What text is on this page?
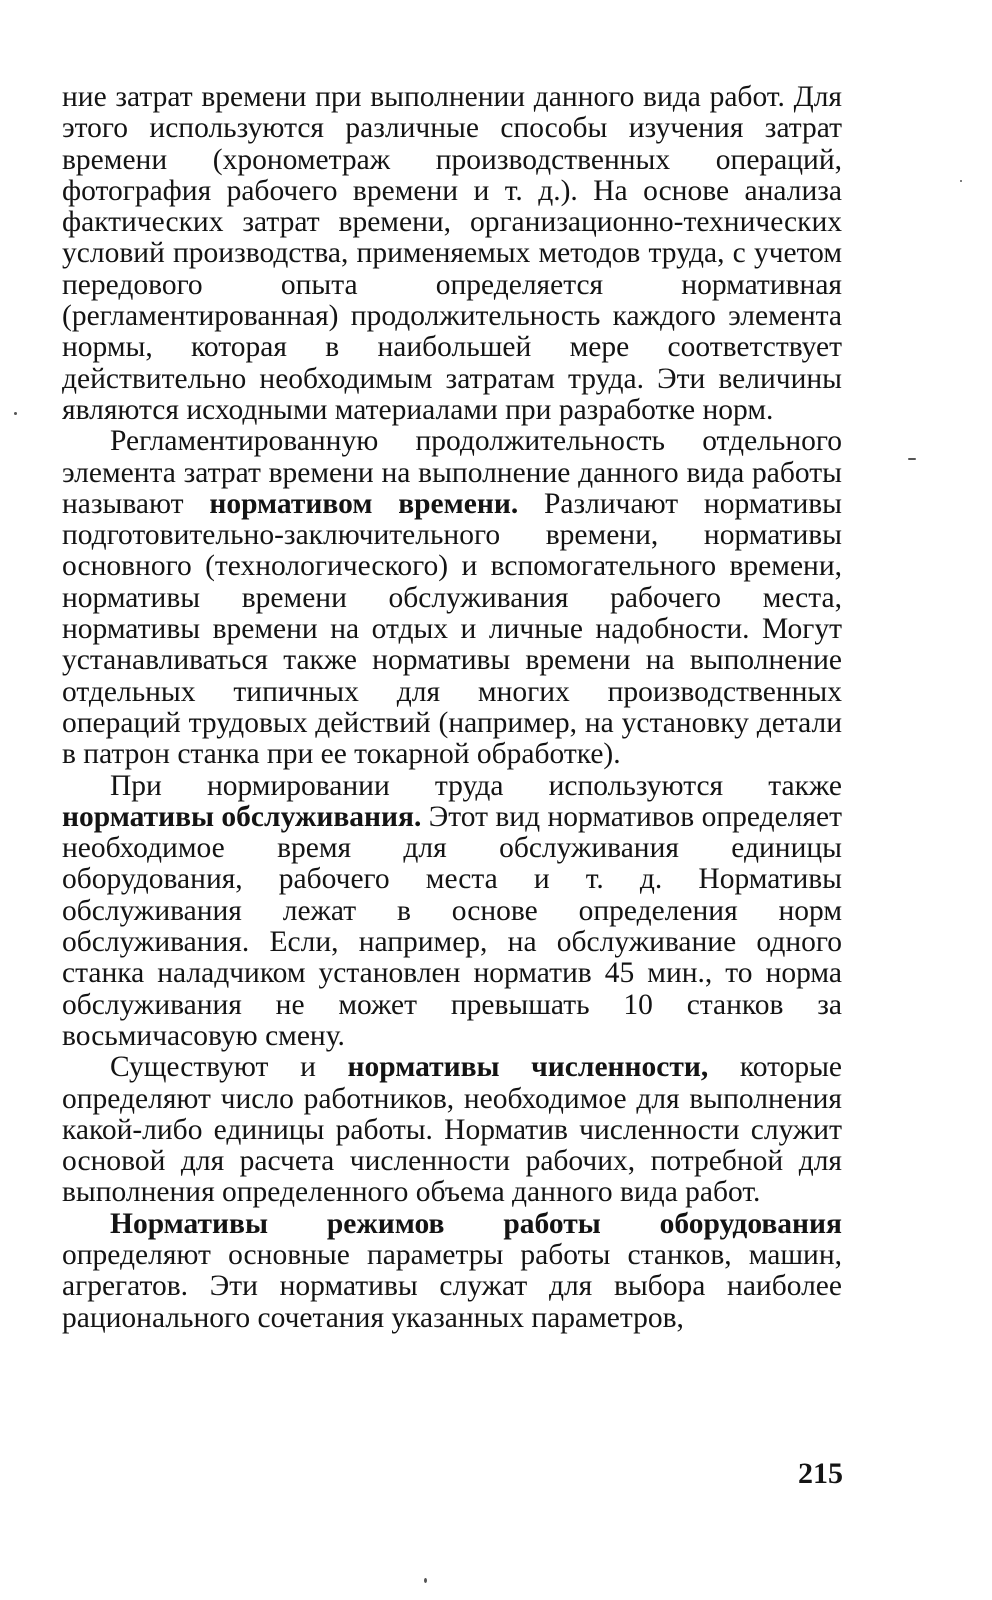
ние затрат времени при выполнении данного вида работ. Для этого используются различные способы изучения затрат времени (хронометраж производственных операций, фотография рабочего времени и т. д.). На основе анализа фактических затрат времени, организационно-технических условий производства, применяемых методов труда, с учетом передового опыта определяется нормативная (регламентированная) продолжительность каждого элемента нормы, которая в наибольшей мере соответствует действительно необходимым затратам труда. Эти величины являются исходными материалами при разработке норм.

Регламентированную продолжительность отдельного элемента затрат времени на выполнение данного вида работы называют нормативом времени. Различают нормативы подготовительно-заключительного времени, нормативы основного (технологического) и вспомогательного времени, нормативы времени обслуживания рабочего места, нормативы времени на отдых и личные надобности. Могут устанавливаться также нормативы времени на выполнение отдельных типичных для многих производственных операций трудовых действий (например, на установку детали в патрон станка при ее токарной обработке).

При нормировании труда используются также нормативы обслуживания. Этот вид нормативов определяет необходимое время для обслуживания единицы оборудования, рабочего места и т. д. Нормативы обслуживания лежат в основе определения норм обслуживания. Если, например, на обслуживание одного станка наладчиком установлен норматив 45 мин., то норма обслуживания не может превышать 10 станков за восьмичасовую смену.

Существуют и нормативы численности, которые определяют число работников, необходимое для выполнения какой-либо единицы работы. Норматив численности служит основой для расчета численности рабочих, потребной для выполнения определенного объема данного вида работ.

Нормативы режимов работы оборудования определяют основные параметры работы станков, машин, агрегатов. Эти нормативы служат для выбора наиболее рационального сочетания указанных параметров,

215
